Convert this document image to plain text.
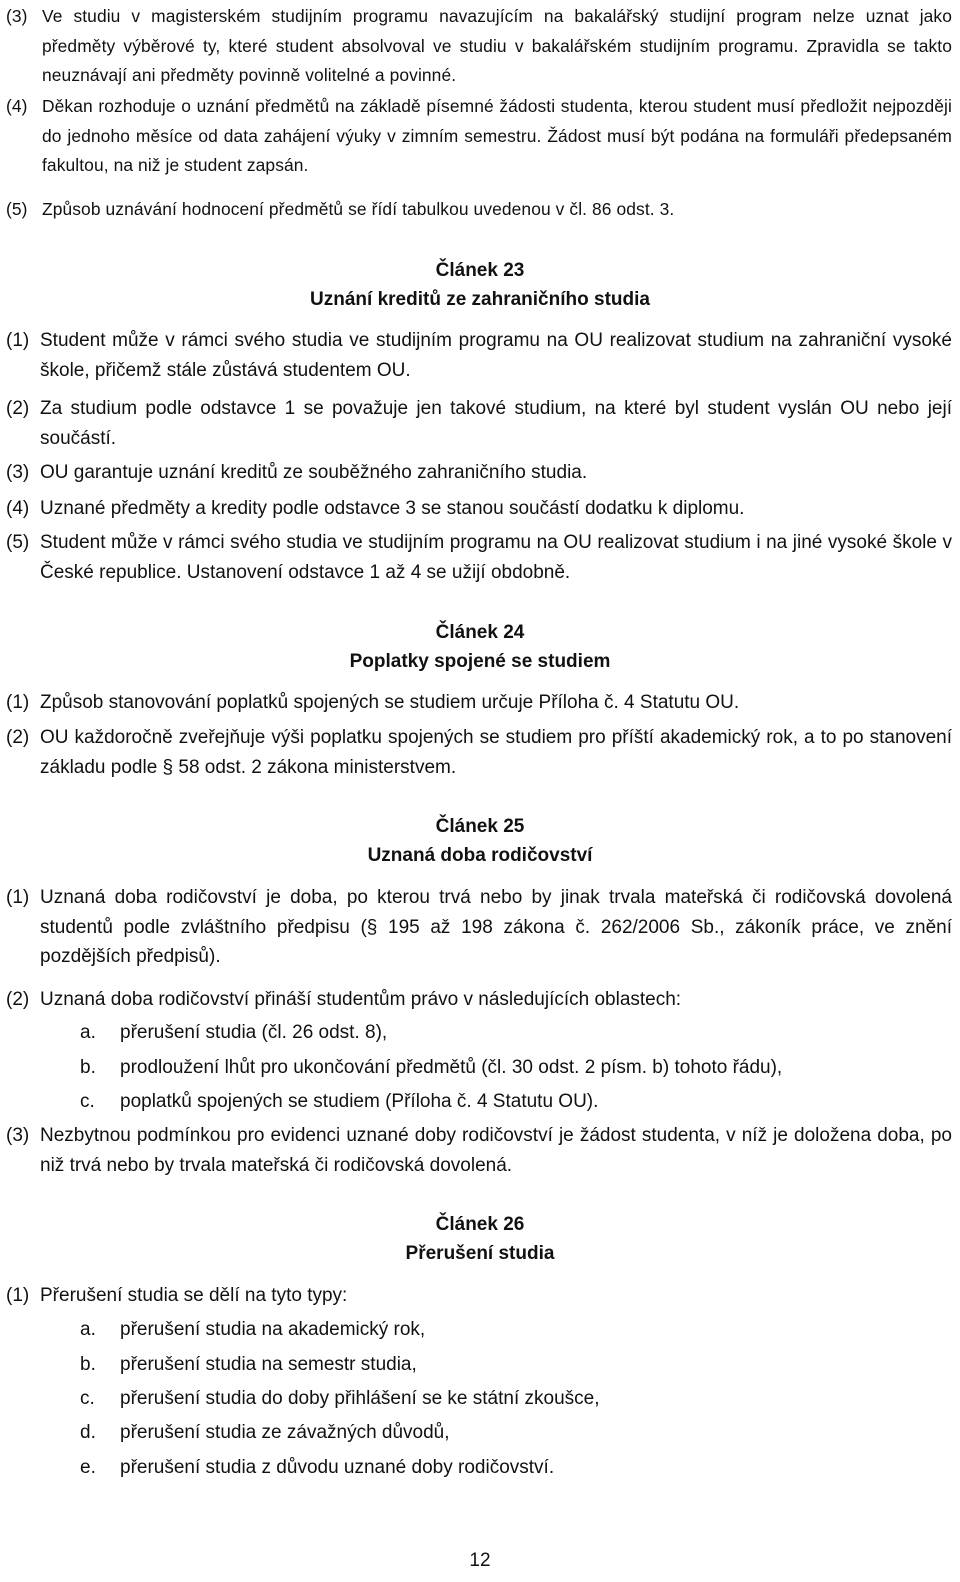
(3) Ve studiu v magisterském studijním programu navazujícím na bakalářský studijní program nelze uznat jako předměty výběrové ty, které student absolvoval ve studiu v bakalářském studijním programu. Zpravidla se takto neuznávají ani předměty povinně volitelné a povinné.
(4) Děkan rozhoduje o uznání předmětů na základě písemné žádosti studenta, kterou student musí předložit nejpozději do jednoho měsíce od data zahájení výuky v zimním semestru. Žádost musí být podána na formuláři předepsaném fakultou, na niž je student zapsán.
(5) Způsob uznávání hodnocení předmětů se řídí tabulkou uvedenou v čl. 86 odst. 3.
Článek 23
Uznání kreditů ze zahraničního studia
(1) Student může v rámci svého studia ve studijním programu na OU realizovat studium na zahraniční vysoké škole, přičemž stále zůstává studentem OU.
(2) Za studium podle odstavce 1 se považuje jen takové studium, na které byl student vyslán OU nebo její součástí.
(3) OU garantuje uznání kreditů ze souběžného zahraničního studia.
(4) Uznané předměty a kredity podle odstavce 3 se stanou součástí dodatku k diplomu.
(5) Student může v rámci svého studia ve studijním programu na OU realizovat studium i na jiné vysoké škole v České republice. Ustanovení odstavce 1 až 4 se užijí obdobně.
Článek 24
Poplatky spojené se studiem
(1) Způsob stanovování poplatků spojených se studiem určuje Příloha č. 4 Statutu OU.
(2) OU každoročně zveřejňuje výši poplatku spojených se studiem pro příští akademický rok, a to po stanovení základu podle § 58 odst. 2 zákona ministerstvem.
Článek 25
Uznaná doba rodičovství
(1) Uznaná doba rodičovství je doba, po kterou trvá nebo by jinak trvala mateřská či rodičovská dovolená studentů podle zvláštního předpisu (§ 195 až 198 zákona č. 262/2006 Sb., zákoník práce, ve znění pozdějších předpisů).
(2) Uznaná doba rodičovství přináší studentům právo v následujících oblastech:
a. přerušení studia (čl. 26 odst. 8),
b. prodloužení lhůt pro ukončování předmětů (čl. 30 odst. 2 písm. b) tohoto řádu),
c. poplatků spojených se studiem (Příloha č. 4 Statutu OU).
(3) Nezbytnou podmínkou pro evidenci uznané doby rodičovství je žádost studenta, v níž je doložena doba, po niž trvá nebo by trvala mateřská či rodičovská dovolená.
Článek 26
Přerušení studia
(1) Přerušení studia se dělí na tyto typy:
a. přerušení studia na akademický rok,
b. přerušení studia na semestr studia,
c. přerušení studia do doby přihlášení se ke státní zkoušce,
d. přerušení studia ze závažných důvodů,
e. přerušení studia z důvodu uznané doby rodičovství.
12
